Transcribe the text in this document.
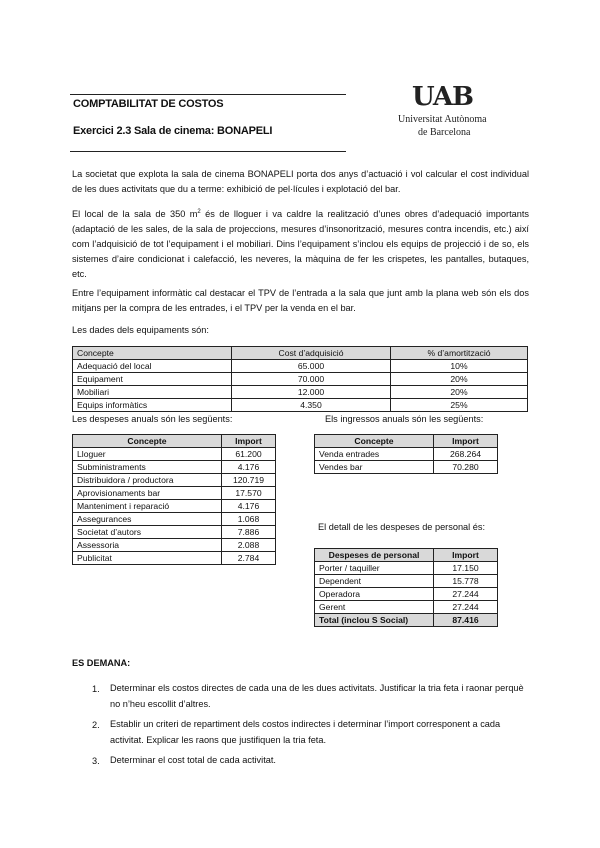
COMPTABILITAT DE COSTOS
Exercici 2.3 Sala de cinema: BONAPELI
UAB
Universitat Autònoma
de Barcelona
La societat que explota la sala de cinema BONAPELI porta dos anys d’actuació i vol calcular el cost individual de les dues activitats que du a terme: exhibició de pel·lícules i explotació del bar.
El local de la sala de 350 $m^2$ és de lloguer i va caldre la realització d’unes obres d’adequació importants (adaptació de les sales, de la sala de projeccions, mesures d’insonorització, mesures contra incendis, etc.) així com l’adquisició de tot l’equipament i el mobiliari. Dins l’equipament s’inclou els equips de projecció i de so, els sistemes d’aire condicionat i calefacció, les neveres, la màquina de fer les crispetes, les pantalles, butaques, etc.
Entre l’equipament informàtic cal destacar el TPV de l’entrada a la sala que junt amb la plana web són els dos mitjans per la compra de les entrades, i el TPV per la venda en el bar.
Les dades dels equipaments són:
Concepte	Cost d’adquisició	% d’amortització
Adequació del local	65.000	10%
Equipament	70.000	20%
Mobiliari	12.000	20%
Equips informàtics	4.350	25%
Les despeses anuals són les següents:
Concepte	Import
Lloguer	61.200
Subministraments	4.176
Distribuidora / productora	120.719
Aprovisionaments bar	17.570
Manteniment i reparació	4.176
Assegurances	1.068
Societat d’autors	7.886
Assessoria	2.088
Publicitat	2.784
Els ingressos anuals són les següents:
Concepte	Import
Venda entrades	268.264
Vendes bar	70.280
El detall de les despeses de personal és:
Despeses de personal	Import
Porter / taquiller	17.150
Dependent	15.778
Operadora	27.244
Gerent	27.244
Total (inclou S Social)	87.416
ES DEMANA:
1. Determinar els costos directes de cada una de les dues activitats. Justificar la tria feta i raonar perquè no n’heu escollit d’altres.
2. Establir un criteri de repartiment dels costos indirectes i determinar l’import corresponent a cada activitat. Explicar les raons que justifiquen la tria feta.
3. Determinar el cost total de cada activitat.
